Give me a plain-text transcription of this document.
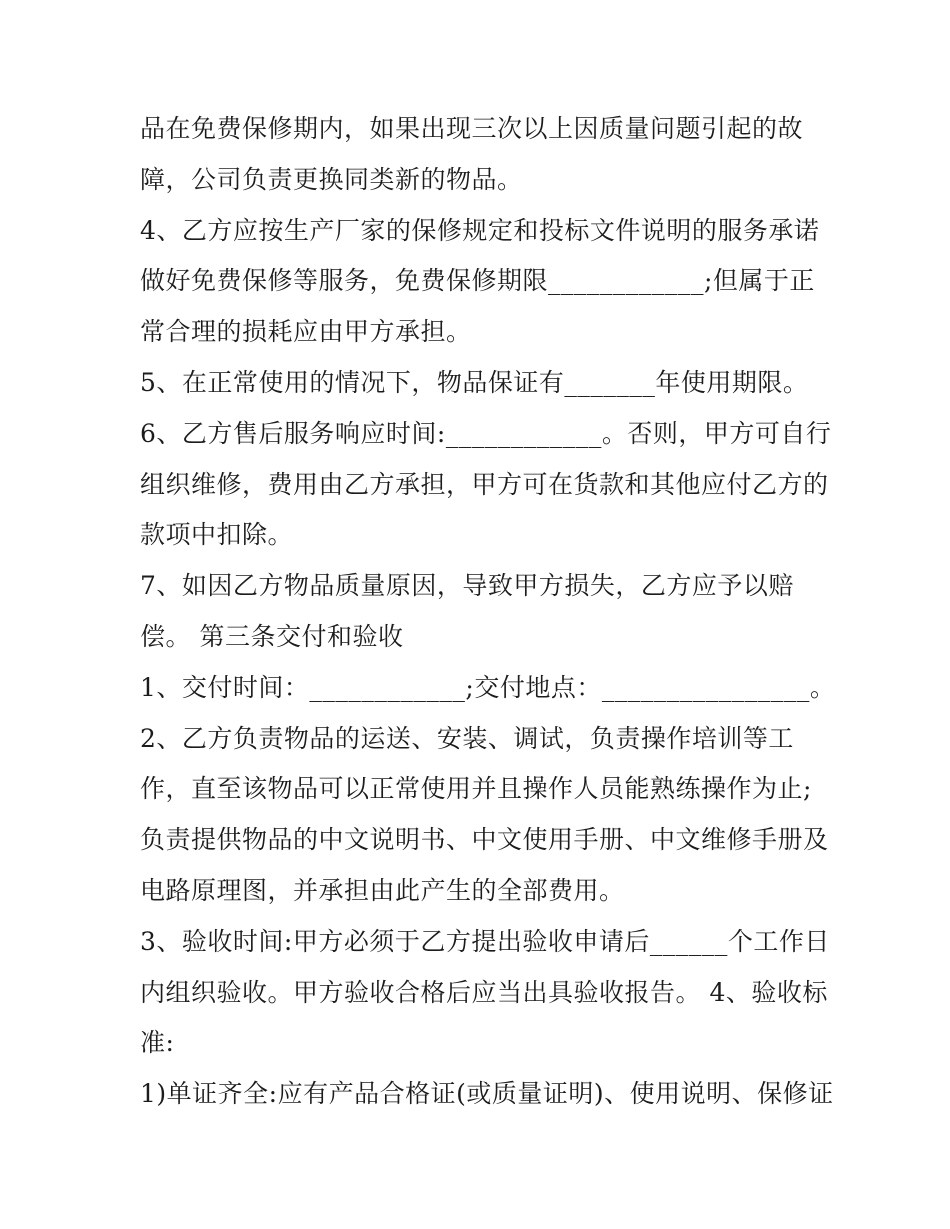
品在免费保修期内，如果出现三次以上因质量问题引起的故

障，公司负责更换同类新的物品。

4、乙方应按生产厂家的保修规定和投标文件说明的服务承诺

做好免费保修等服务，免费保修期限____________;但属于正

常合理的损耗应由甲方承担。

5、在正常使用的情况下，物品保证有_______年使用期限。

6、乙方售后服务响应时间:____________。否则，甲方可自行

组织维修，费用由乙方承担，甲方可在货款和其他应付乙方的

款项中扣除。

7、如因乙方物品质量原因，导致甲方损失，乙方应予以赔

偿。 第三条交付和验收

1、交付时间：____________;交付地点：________________。

2、乙方负责物品的运送、安装、调试，负责操作培训等工

作，直至该物品可以正常使用并且操作人员能熟练操作为止;

负责提供物品的中文说明书、中文使用手册、中文维修手册及

电路原理图，并承担由此产生的全部费用。

3、验收时间:甲方必须于乙方提出验收申请后______个工作日

内组织验收。甲方验收合格后应当出具验收报告。 4、验收标

准:

1)单证齐全:应有产品合格证(或质量证明)、使用说明、保修证
